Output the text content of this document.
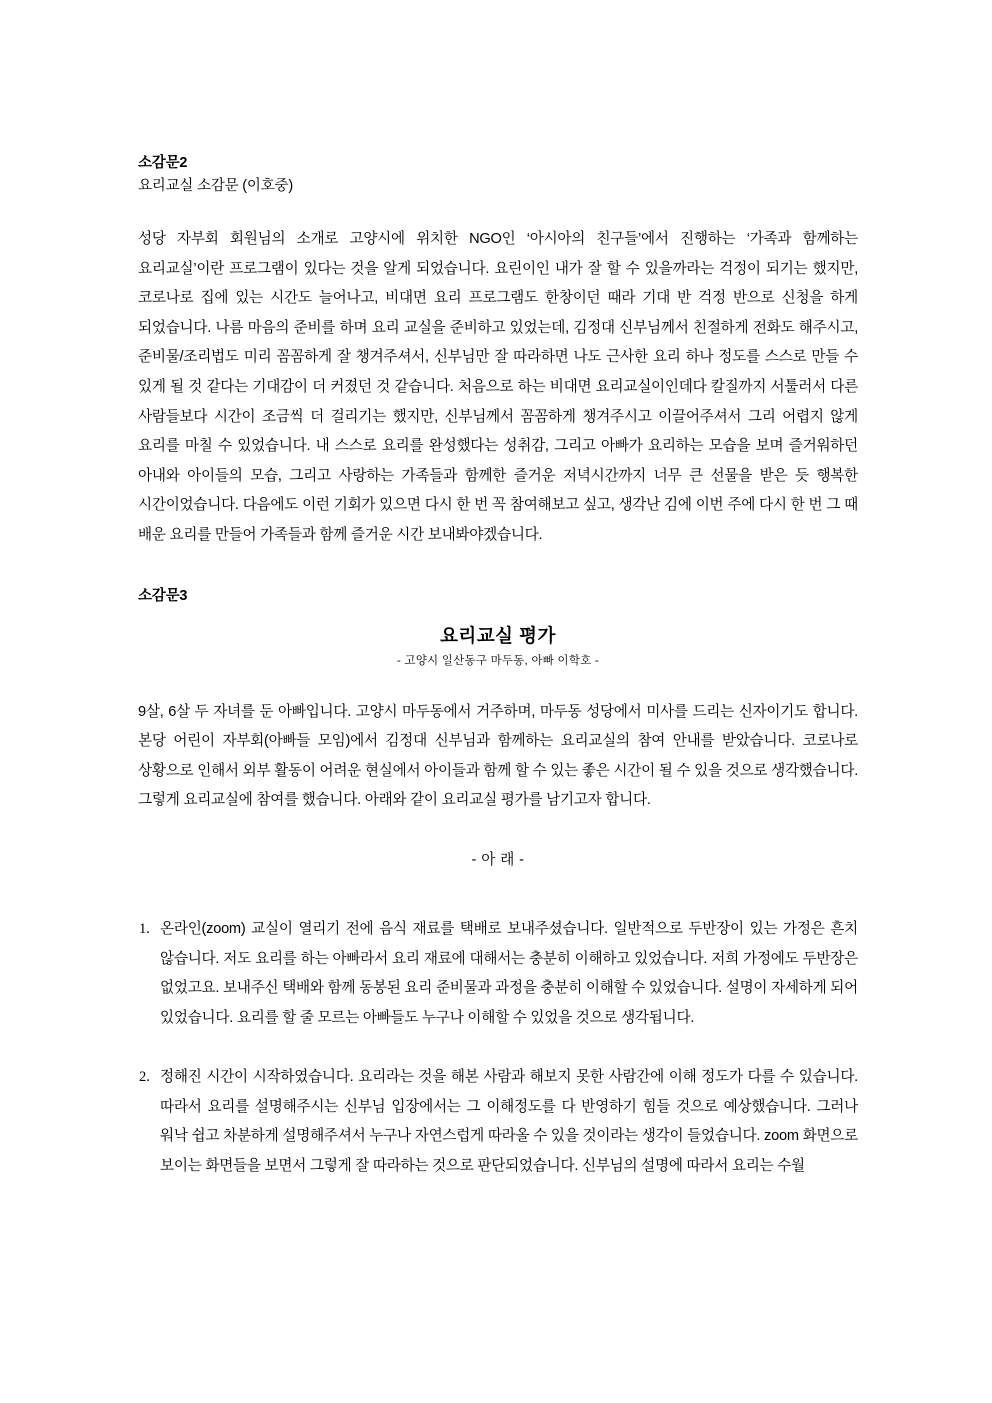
소감문2

요리교실 소감문 (이호중)

성당 자부회 회원님의 소개로 고양시에 위치한 NGO인 ‘아시아의 친구들’에서 진행하는 ‘가족과 함께하는 요리교실’이란 프로그램이 있다는 것을 알게 되었습니다. 요린이인 내가 잘 할 수 있을까라는 걱정이 되기는 했지만, 코로나로 집에 있는 시간도 늘어나고, 비대면 요리 프로그램도 한창이던 때라 기대 반 걱정 반으로 신청을 하게 되었습니다. 나름 마음의 준비를 하며 요리 교실을 준비하고 있었는데, 김정대 신부님께서 친절하게 전화도 해주시고, 준비물/조리법도 미리 꼼꼼하게 잘 챙겨주셔서, 신부님만 잘 따라하면 나도 근사한 요리 하나 정도를 스스로 만들 수 있게 될 것 같다는 기대감이 더 커졌던 것 같습니다. 처음으로 하는 비대면 요리교실이인데다 칼질까지 서툴러서 다른 사람들보다 시간이 조금씩 더 걸리기는 했지만, 신부님께서 꼼꼼하게 챙겨주시고 이끌어주셔서 그리 어렵지 않게 요리를 마칠 수 있었습니다. 내 스스로 요리를 완성했다는 성취감, 그리고 아빠가 요리하는 모습을 보며 즐거워하던 아내와 아이들의 모습, 그리고 사랑하는 가족들과 함께한 즐거운 저녁시간까지 너무 큰 선물을 받은 듯 행복한 시간이었습니다. 다음에도 이런 기회가 있으면 다시 한 번 꼭 참여해보고 싶고, 생각난 김에 이번 주에 다시 한 번 그 때 배운 요리를 만들어 가족들과 함께 즐거운 시간 보내봐야겠습니다.

소감문3

요리교실 평가

- 고양시 일산동구 마두동, 아빠 이학호 -

9살, 6살 두 자녀를 둔 아빠입니다. 고양시 마두동에서 거주하며, 마두동 성당에서 미사를 드리는 신자이기도 합니다. 본당 어린이 자부회(아빠들 모임)에서 김정대 신부님과 함께하는 요리교실의 참여 안내를 받았습니다. 코로나로 상황으로 인해서 외부 활동이 어려운 현실에서 아이들과 함께 할 수 있는 좋은 시간이 될 수 있을 것으로 생각했습니다. 그렇게 요리교실에 참여를 했습니다. 아래와 같이 요리교실 평가를 남기고자 합니다.

- 아 래 -

1. 온라인(zoom) 교실이 열리기 전에 음식 재료를 택배로 보내주셨습니다. 일반적으로 두반장이 있는 가정은 흔치 않습니다. 저도 요리를 하는 아빠라서 요리 재료에 대해서는 충분히 이해하고 있었습니다. 저희 가정에도 두반장은 없었고요. 보내주신 택배와 함께 동봉된 요리 준비물과 과정을 충분히 이해할 수 있었습니다. 설명이 자세하게 되어 있었습니다. 요리를 할 줄 모르는 아빠들도 누구나 이해할 수 있었을 것으로 생각됩니다.
2. 정해진 시간이 시작하였습니다. 요리라는 것을 해본 사람과 해보지 못한 사람간에 이해 정도가 다를 수 있습니다. 따라서 요리를 설명해주시는 신부님 입장에서는 그 이해정도를 다 반영하기 힘들 것으로 예상했습니다. 그러나 워낙 쉽고 차분하게 설명해주셔서 누구나 자연스럽게 따라올 수 있을 것이라는 생각이 들었습니다. zoom 화면으로 보이는 화면들을 보면서 그렇게 잘 따라하는 것으로 판단되었습니다. 신부님의 설명에 따라서 요리는 수월
